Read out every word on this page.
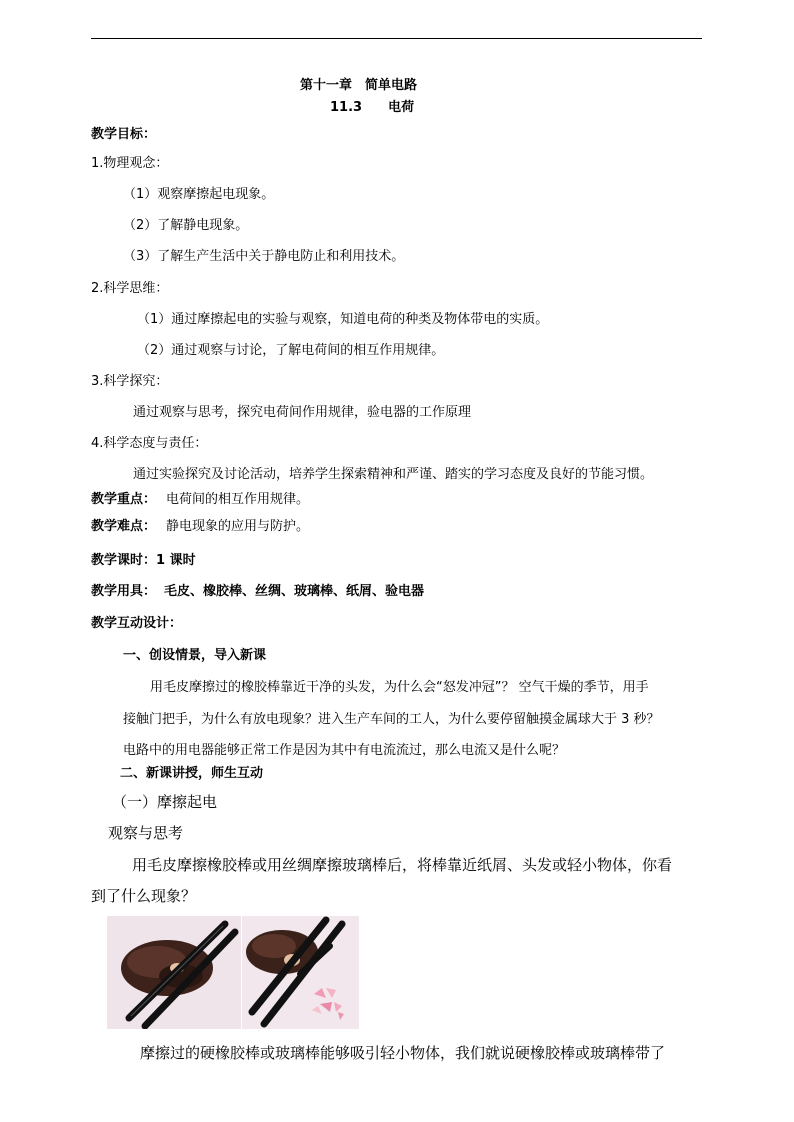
第十一章　简单电路
11.3　　电荷
教学目标：
1.物理观念：
（1）观察摩擦起电现象。
（2）了解静电现象。
（3）了解生产生活中关于静电防止和利用技术。
2.科学思维：
（1）通过摩擦起电的实验与观察，知道电荷的种类及物体带电的实质。
（2）通过观察与讨论，了解电荷间的相互作用规律。
3.科学探究：
通过观察与思考，探究电荷间作用规律，验电器的工作原理
4.科学态度与责任：
通过实验探究及讨论活动，培养学生探索精神和严谨、踏实的学习态度及良好的节能习惯。
教学重点： 电荷间的相互作用规律。
教学难点： 静电现象的应用与防护。
教学课时：1 课时
教学用具： 毛皮、橡胶棒、丝绸、玻璃棒、纸屑、验电器
教学互动设计：
一、创设情景，导入新课
用毛皮摩擦过的橡胶棒靠近干净的头发，为什么会“怒发冲冠”？ 空气干燥的季节，用手
接触门把手，为什么有放电现象？进入生产车间的工人，为什么要停留触摸金属球大于 3 秒？
电路中的用电器能够正常工作是因为其中有电流流过，那么电流又是什么呢？
二、新课讲授，师生互动
（一）摩擦起电
观察与思考
用毛皮摩擦橡胶棒或用丝绸摩擦玻璃棒后，将棒靠近纸屑、头发或轻小物体，你看
到了什么现象？
摩擦过的硬橡胶棒或玻璃棒能够吸引轻小物体，我们就说硬橡胶棒或玻璃棒带了
